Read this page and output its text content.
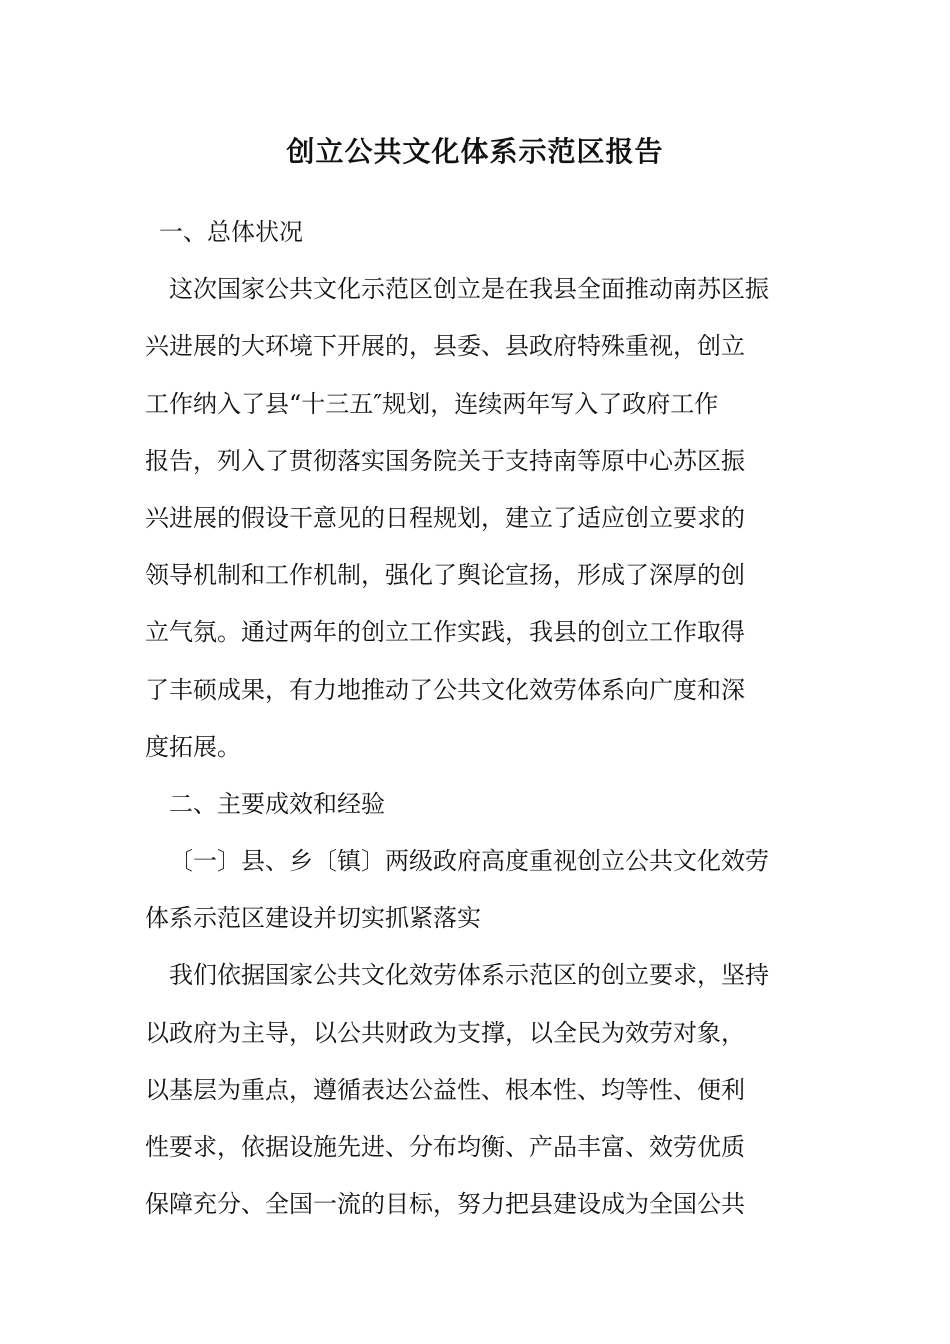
创立公共文化体系示范区报告
一、总体状况
这次国家公共文化示范区创立是在我县全面推动南苏区振
兴进展的大环境下开展的，县委、县政府特殊重视，创立
工作纳入了县“十三五″规划，连续两年写入了政府工作
报告，列入了贯彻落实国务院关于支持南等原中心苏区振
兴进展的假设干意见的日程规划，建立了适应创立要求的
领导机制和工作机制，强化了舆论宣扬，形成了深厚的创
立气氛。通过两年的创立工作实践，我县的创立工作取得
了丰硕成果，有力地推动了公共文化效劳体系向广度和深
度拓展。
二、主要成效和经验
〔一〕县、乡〔镇〕两级政府高度重视创立公共文化效劳
体系示范区建设并切实抓紧落实
我们依据国家公共文化效劳体系示范区的创立要求，坚持
以政府为主导，以公共财政为支撑，以全民为效劳对象，
以基层为重点，遵循表达公益性、根本性、均等性、便利
性要求，依据设施先进、分布均衡、产品丰富、效劳优质
保障充分、全国一流的目标，努力把县建设成为全国公共
